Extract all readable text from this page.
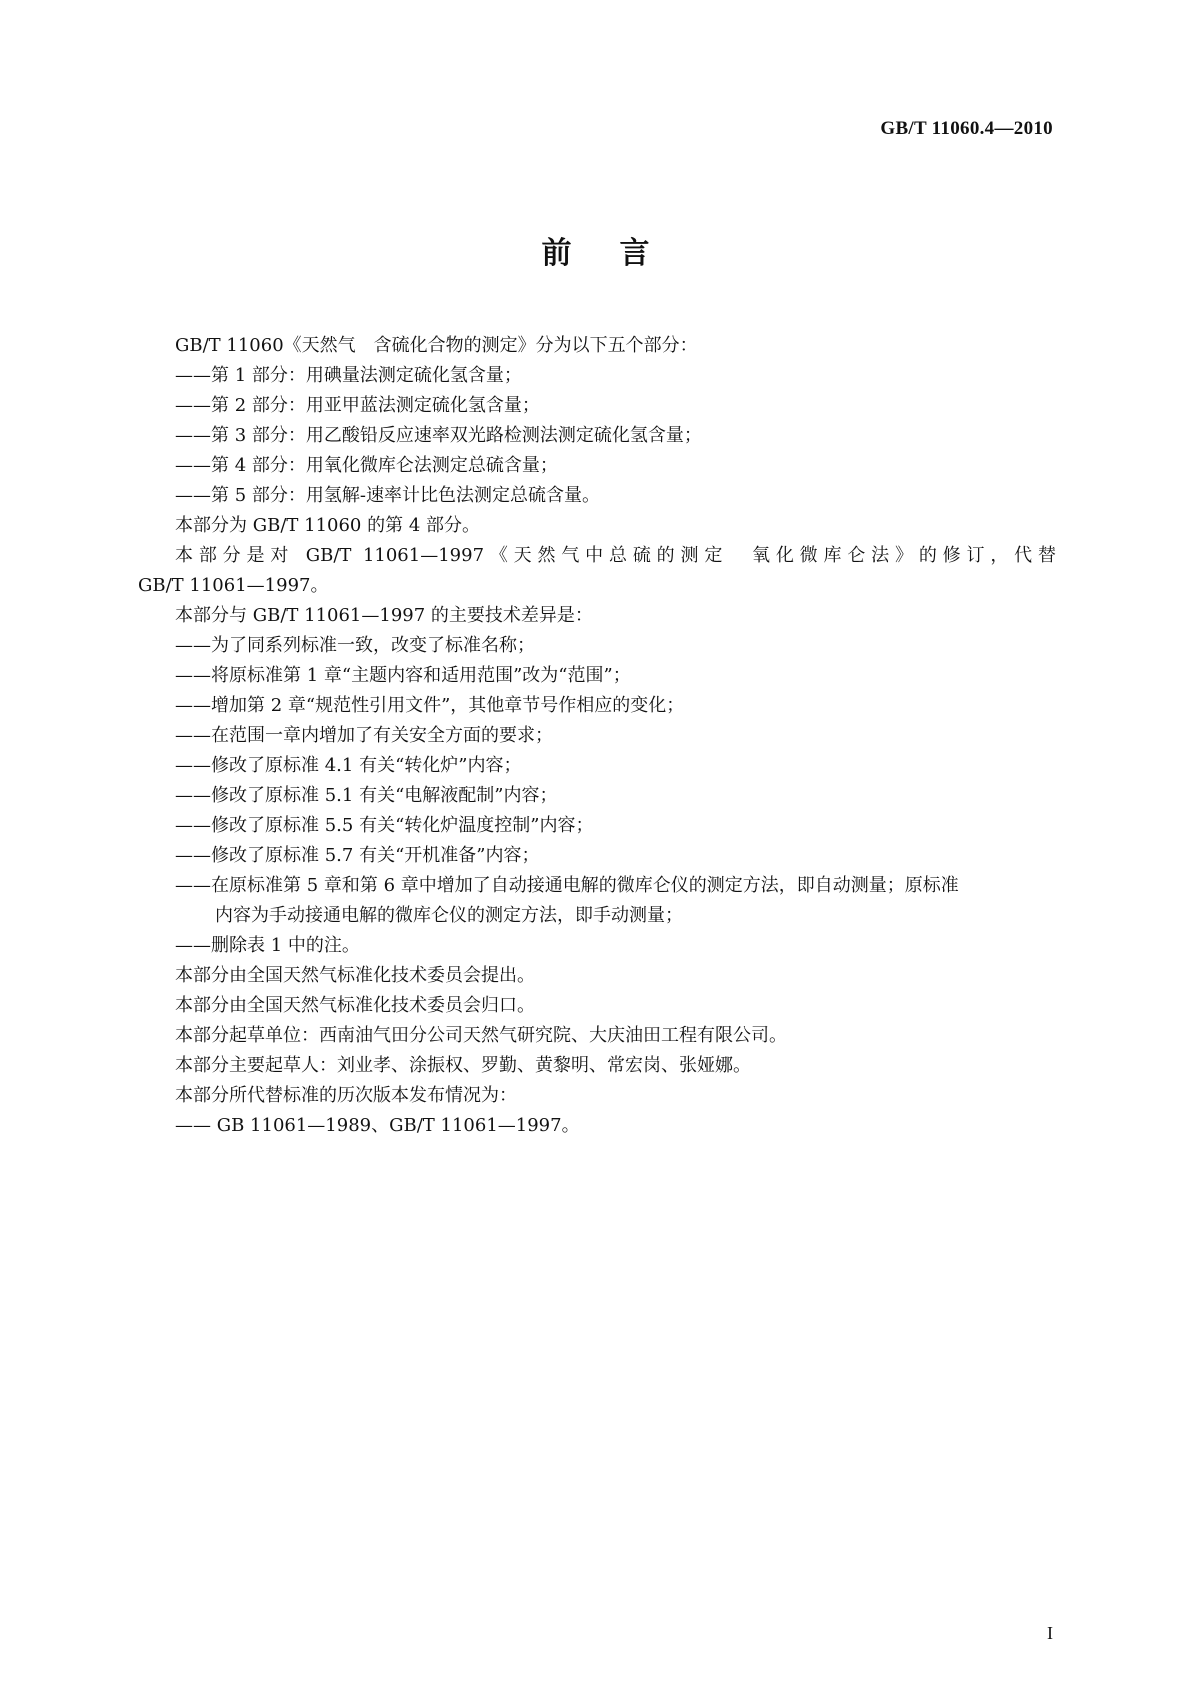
GB/T 11060.4—2010
前言

GB/T 11060《天然气　含硫化合物的测定》分为以下五个部分：

——第 1 部分：用碘量法测定硫化氢含量；

——第 2 部分：用亚甲蓝法测定硫化氢含量；

——第 3 部分：用乙酸铅反应速率双光路检测法测定硫化氢含量；

——第 4 部分：用氧化微库仑法测定总硫含量；

——第 5 部分：用氢解-速率计比色法测定总硫含量。

本部分为 GB/T 11060 的第 4 部分。

本部分是对 GB/T 11061—1997《天然气中总硫的测定　氧化微库仑法》的修订，代替
GB/T 11061—1997。

本部分与 GB/T 11061—1997 的主要技术差异是：

——为了同系列标准一致，改变了标准名称；

——将原标准第 1 章“主题内容和适用范围”改为“范围”；

——增加第 2 章“规范性引用文件”，其他章节号作相应的变化；

——在范围一章内增加了有关安全方面的要求；

——修改了原标准 4.1 有关“转化炉”内容；

——修改了原标准 5.1 有关“电解液配制”内容；

——修改了原标准 5.5 有关“转化炉温度控制”内容；

——修改了原标准 5.7 有关“开机准备”内容；

——在原标准第 5 章和第 6 章中增加了自动接通电解的微库仑仪的测定方法，即自动测量；原标准
内容为手动接通电解的微库仑仪的测定方法，即手动测量；

——删除表 1 中的注。

本部分由全国天然气标准化技术委员会提出。

本部分由全国天然气标准化技术委员会归口。

本部分起草单位：西南油气田分公司天然气研究院、大庆油田工程有限公司。

本部分主要起草人：刘业孝、涂振权、罗勤、黄黎明、常宏岗、张娅娜。

本部分所代替标准的历次版本发布情况为：

—— GB 11061—1989、GB/T 11061—1997。

I
